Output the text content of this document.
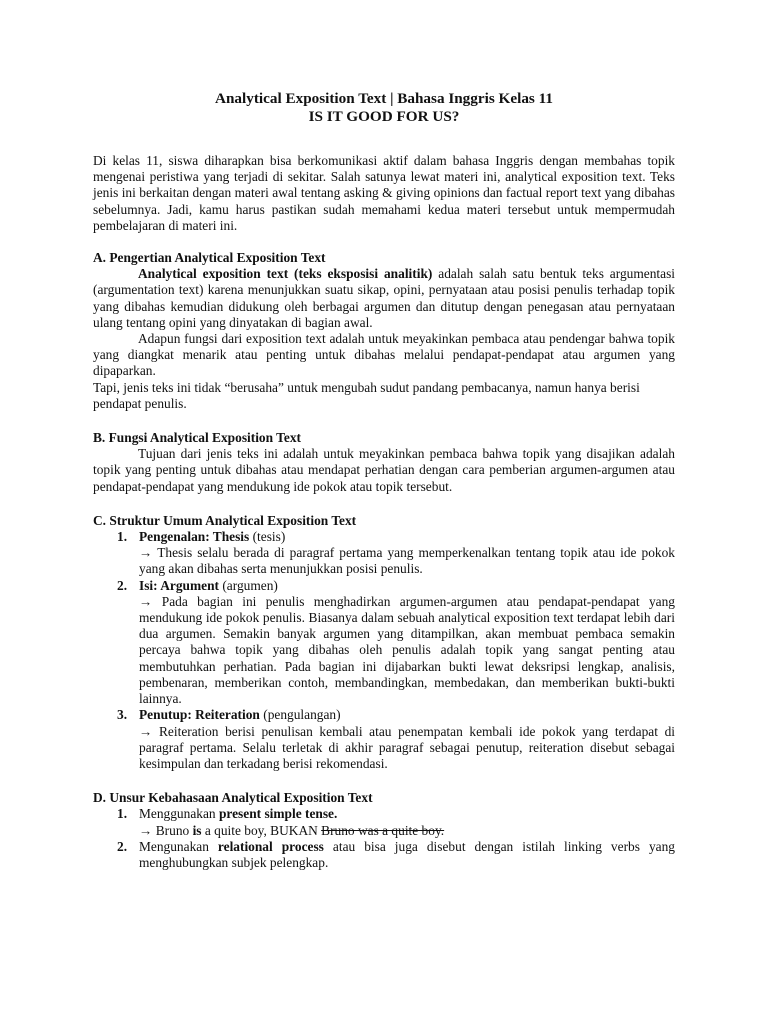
Analytical Exposition Text | Bahasa Inggris Kelas 11
IS IT GOOD FOR US?

Di kelas 11, siswa diharapkan bisa berkomunikasi aktif dalam bahasa Inggris dengan membahas topik mengenai peristiwa yang terjadi di sekitar. Salah satunya lewat materi ini, analytical exposition text. Teks jenis ini berkaitan dengan materi awal tentang asking & giving opinions dan factual report text yang dibahas sebelumnya. Jadi, kamu harus pastikan sudah memahami kedua materi tersebut untuk mempermudah pembelajaran di materi ini.

A. Pengertian Analytical Exposition Text

Analytical exposition text (teks eksposisi analitik) adalah salah satu bentuk teks argumentasi (argumentation text) karena menunjukkan suatu sikap, opini, pernyataan atau posisi penulis terhadap topik yang dibahas kemudian didukung oleh berbagai argumen dan ditutup dengan penegasan atau pernyataan ulang tentang opini yang dinyatakan di bagian awal.

Adapun fungsi dari exposition text adalah untuk meyakinkan pembaca atau pendengar bahwa topik yang diangkat menarik atau penting untuk dibahas melalui pendapat-pendapat atau argumen yang dipaparkan.

Tapi, jenis teks ini tidak “berusaha” untuk mengubah sudut pandang pembacanya, namun hanya berisi pendapat penulis.

B. Fungsi Analytical Exposition Text

Tujuan dari jenis teks ini adalah untuk meyakinkan pembaca bahwa topik yang disajikan adalah topik yang penting untuk dibahas atau mendapat perhatian dengan cara pemberian argumen-argumen atau pendapat-pendapat yang mendukung ide pokok atau topik tersebut.

C. Struktur Umum Analytical Exposition Text

1. Pengenalan: Thesis (tesis)
→ Thesis selalu berada di paragraf pertama yang memperkenalkan tentang topik atau ide pokok yang akan dibahas serta menunjukkan posisi penulis.
2. Isi: Argument (argumen)
→ Pada bagian ini penulis menghadirkan argumen-argumen atau pendapat-pendapat yang mendukung ide pokok penulis. Biasanya dalam sebuah analytical exposition text terdapat lebih dari dua argumen. Semakin banyak argumen yang ditampilkan, akan membuat pembaca semakin percaya bahwa topik yang dibahas oleh penulis adalah topik yang sangat penting atau membutuhkan perhatian. Pada bagian ini dijabarkan bukti lewat deksripsi lengkap, analisis, pembenaran, memberikan contoh, membandingkan, membedakan, dan memberikan bukti-bukti lainnya.
3. Penutup: Reiteration (pengulangan)
→ Reiteration berisi penulisan kembali atau penempatan kembali ide pokok yang terdapat di paragraf pertama. Selalu terletak di akhir paragraf sebagai penutup, reiteration disebut sebagai kesimpulan dan terkadang berisi rekomendasi.

D. Unsur Kebahasaan Analytical Exposition Text

1. Menggunakan present simple tense.
→ Bruno is a quite boy, BUKAN Bruno was a quite boy.
2. Mengunakan relational process atau bisa juga disebut dengan istilah linking verbs yang menghubungkan subjek pelengkap.
